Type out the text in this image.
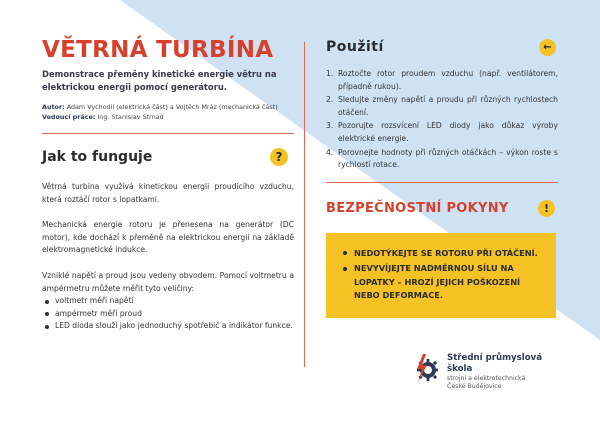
VĚTRNÁ TURBÍNA
Demonstrace přeměny kinetické energie větru na elektrickou energii pomocí generátoru.
Autor: Adam Vychodil (elektrická část) a Vojtěch Mráz (mechanická část)
Vedoucí práce: Ing. Stanislav Strnad
Jak to funguje	?

Větrná turbína využívá kinetickou energii proudícího vzduchu, která roztáčí rotor s lopatkami.

Mechanická energie rotoru je přenesena na generátor (DC motor), kde dochází k přeměně na elektrickou energii na základě elektromagnetické indukce.

Vzniklé napětí a proud jsou vedeny obvodem. Pomocí voltmetru a ampérmetru můžete měřit tyto veličiny:

voltmetr měří napětí
ampérmetr měří proud
LED dioda slouží jako jednoduchý spotřebič a indikátor funkce.
Použití	←
1. Roztočte rotor proudem vzduchu (např. ventilátorem, případně rukou).
2. Sledujte změny napětí a proudu při různých rychlostech otáčení.
3. Pozorujte rozsvícení LED diody jako důkaz výroby elektrické energie.
4. Porovnejte hodnoty při různých otáčkách – výkon roste s rychlostí rotace.
BEZPEČNOSTNÍ POKYNY	!
NEDOTÝKEJTE SE ROTORU PŘI OTÁČENÍ.
NEVYVÍJEJTE NADMĚRNOU SÍLU NA LOPATKY – HROZÍ JEJICH POŠKOZENÍ NEBO DEFORMACE.
Střední průmyslová škola
strojní a elektrotechnická
České Budějovice
